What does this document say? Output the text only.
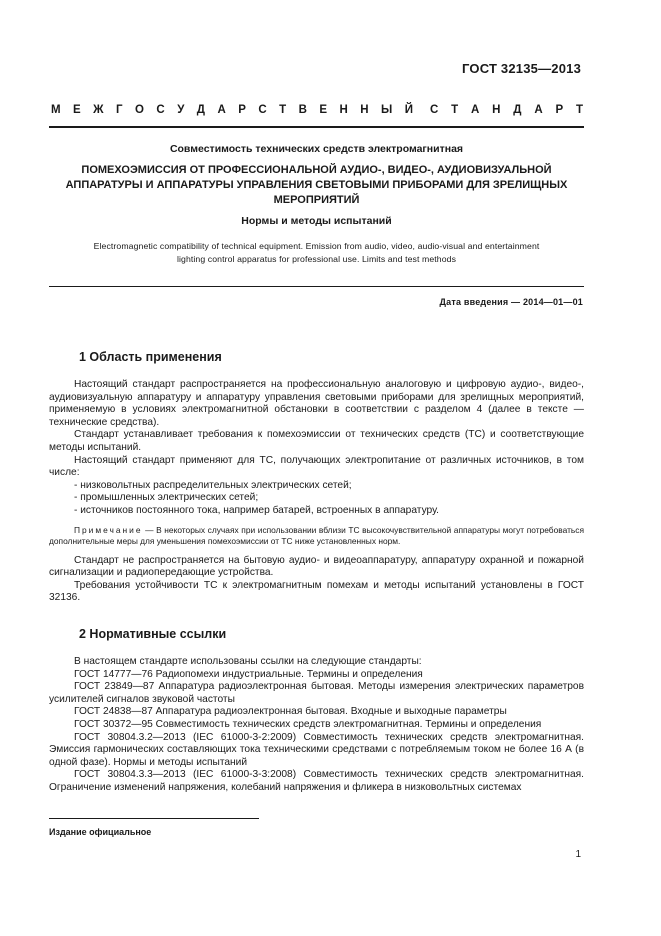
ГОСТ 32135—2013
М Е Ж Г О С У Д А Р С Т В Е Н Н Ы Й С Т А Н Д А Р Т
Совместимость технических средств электромагнитная
ПОМЕХОЭМИССИЯ ОТ ПРОФЕССИОНАЛЬНОЙ АУДИО-, ВИДЕО-, АУДИОВИЗУАЛЬНОЙ
АППАРАТУРЫ И АППАРАТУРЫ УПРАВЛЕНИЯ СВЕТОВЫМИ ПРИБОРАМИ ДЛЯ ЗРЕЛИЩНЫХ
МЕРОПРИЯТИЙ
Нормы и методы испытаний
Electromagnetic compatibility of technical equipment. Emission from audio, video, audio-visual and entertainment
lighting control apparatus for professional use. Limits and test methods
Дата введения — 2014—01—01
1 Область применения

Настоящий стандарт распространяется на профессиональную аналоговую и цифровую аудио-, видео-, аудиовизуальную аппаратуру и аппаратуру управления световыми приборами для зрелищных мероприятий, применяемую в условиях электромагнитной обстановки в соответствии с разделом 4 (далее в тексте — технические средства).

Стандарт устанавливает требования к помехоэмиссии от технических средств (ТС) и соответствующие методы испытаний.

Настоящий стандарт применяют для ТС, получающих электропитание от различных источников, в том числе:

- низковольтных распределительных электрических сетей;

- промышленных электрических сетей;

- источников постоянного тока, например батарей, встроенных в аппаратуру.

Примечание — В некоторых случаях при использовании вблизи ТС высокочувствительной аппаратуры могут потребоваться дополнительные меры для уменьшения помехоэмиссии от ТС ниже установленных норм.

Стандарт не распространяется на бытовую аудио- и видеоаппаратуру, аппаратуру охранной и пожарной сигнализации и радиопередающие устройства.

Требования устойчивости ТС к электромагнитным помехам и методы испытаний установлены в ГОСТ 32136.

2 Нормативные ссылки

В настоящем стандарте использованы ссылки на следующие стандарты:

ГОСТ 14777—76 Радиопомехи индустриальные. Термины и определения

ГОСТ 23849—87 Аппаратура радиоэлектронная бытовая. Методы измерения электрических параметров усилителей сигналов звуковой частоты

ГОСТ 24838—87 Аппаратура радиоэлектронная бытовая. Входные и выходные параметры

ГОСТ 30372—95 Совместимость технических средств электромагнитная. Термины и определения

ГОСТ 30804.3.2—2013 (IEC 61000-3-2:2009) Совместимость технических средств электромагнитная. Эмиссия гармонических составляющих тока техническими средствами с потребляемым током не более 16 А (в одной фазе). Нормы и методы испытаний

ГОСТ 30804.3.3—2013 (IEC 61000-3-3:2008) Совместимость технических средств электромагнитная. Ограничение изменений напряжения, колебаний напряжения и фликера в низковольтных системах

Издание официальное
1
